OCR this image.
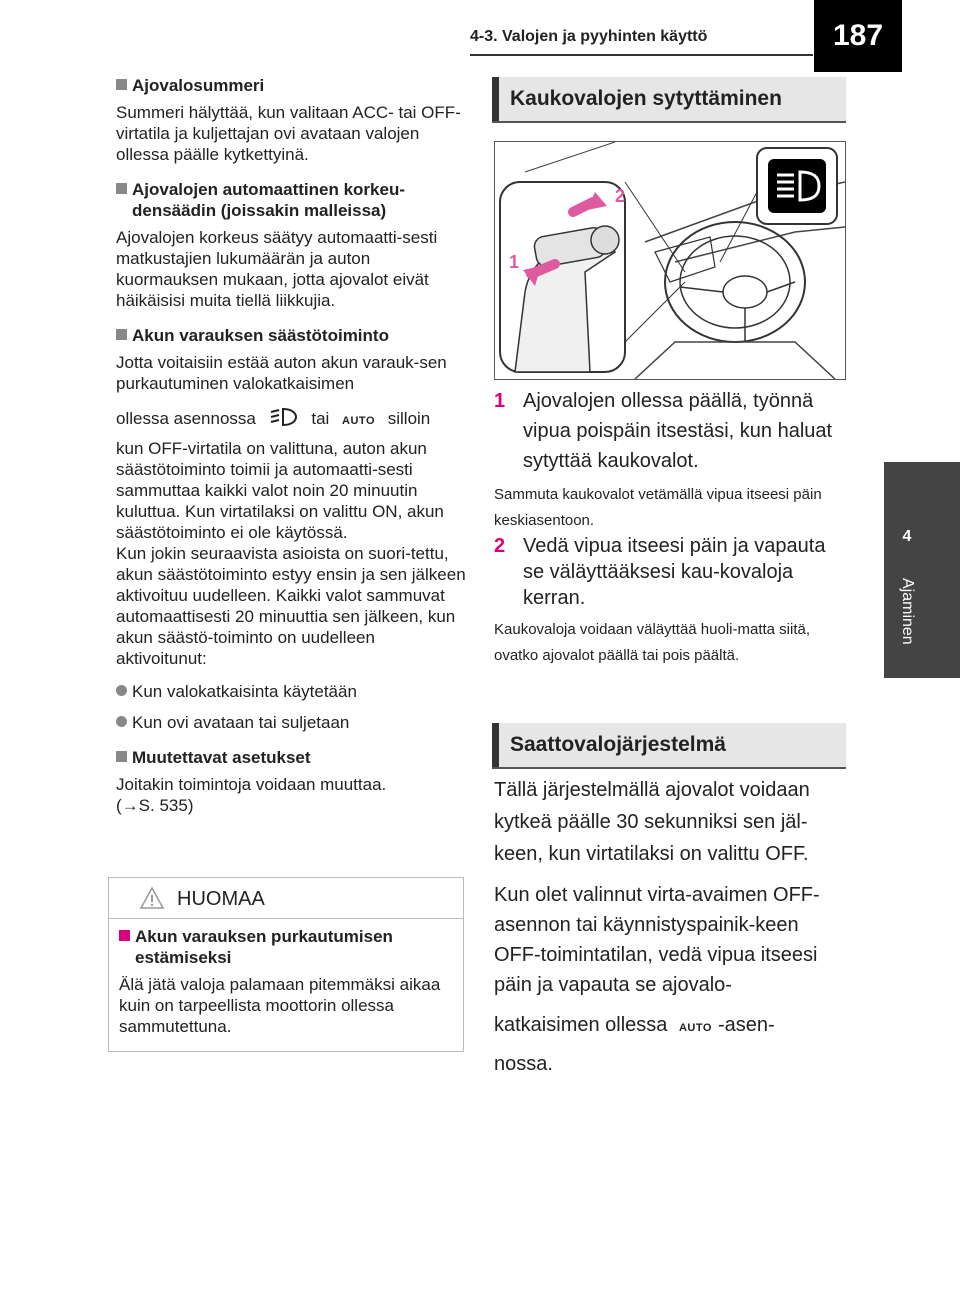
4-3. Valojen ja pyyhinten käyttö	187
4
Ajaminen
Ajovalosummeri

Summeri hälyttää, kun valitaan ACC- tai OFF-virtatila ja kuljettajan ovi avataan valojen ollessa päälle kytkettyinä.

Ajovalojen automaattinen korkeu-densäädin (joissakin malleissa)

Ajovalojen korkeus säätyy automaatti-sesti matkustajien lukumäärän ja auton kuormauksen mukaan, jotta ajovalot eivät häikäisisi muita tiellä liikkujia.

Akun varauksen säästötoiminto

Jotta voitaisiin estää auton akun varauk-sen purkautuminen valokatkaisimen

ollessa asennossa	tai AUTO silloin

kun OFF-virtatila on valittuna, auton akun säästötoiminto toimii ja automaatti-sesti sammuttaa kaikki valot noin 20 minuutin kuluttua. Kun virtatilaksi on valittu ON, akun säästötoiminto ei ole käytössä.

Kun jokin seuraavista asioista on suori-tettu, akun säästötoiminto estyy ensin ja sen jälkeen aktivoituu uudelleen. Kaikki valot sammuvat automaattisesti 20 minuuttia sen jälkeen, kun akun säästö-toiminto on uudelleen aktivoitunut:

Kun valokatkaisinta käytetään
Kun ovi avataan tai suljetaan
Muutettavat asetukset

Joitakin toimintoja voidaan muuttaa.

(→S. 535)

HUOMAA
Akun varauksen purkautumisen estämiseksi

Älä jätä valoja palamaan pitemmäksi aikaa kuin on tarpeellista moottorin ollessa sammutettuna.

Kaukovalojen sytyttäminen
1
2
1 Ajovalojen ollessa päällä, työnnä vipua poispäin itsestäsi, kun haluat sytyttää kaukovalot.

Sammuta kaukovalot vetämällä vipua itseesi päin keskiasentoon.

2 Vedä vipua itseesi päin ja vapauta se väläyttääksesi kau-kovaloja kerran.

Kaukovaloja voidaan väläyttää huoli-matta siitä, ovatko ajovalot päällä tai pois päältä.

Saattovalojärjestelmä

Tällä järjestelmällä ajovalot voidaan kytkeä päälle 30 sekunniksi sen jäl-keen, kun virtatilaksi on valittu OFF.

Kun olet valinnut virta-avaimen OFF-asennon tai käynnistyspainik-keen OFF-toimintatilan, vedä vipua itseesi päin ja vapauta se ajovalo-

katkaisimen ollessa AUTO -asen-

nossa.
